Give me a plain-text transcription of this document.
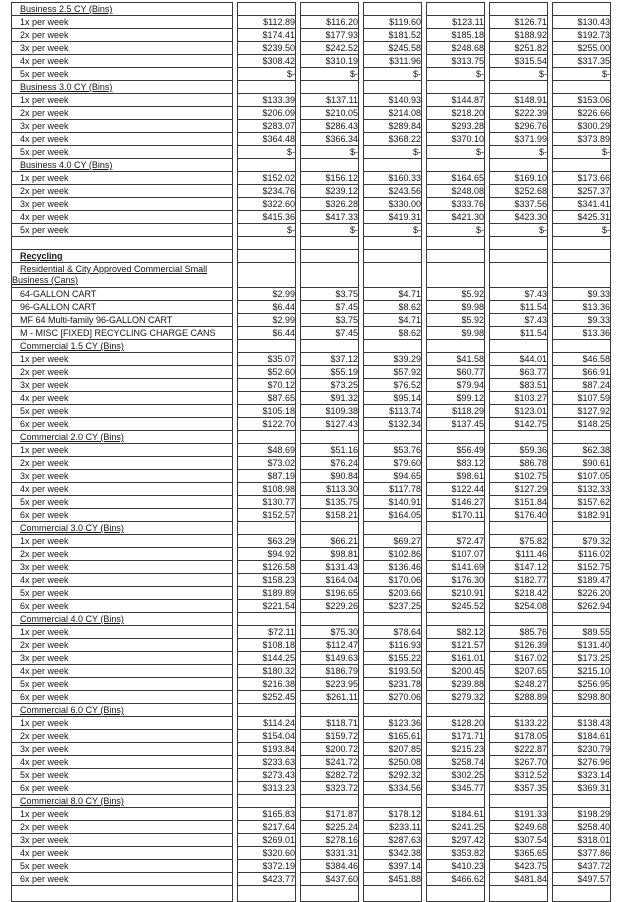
Business 2.5 CY (Bins)						
1x per week	$112.89	$116.20	$119.60	$123.11	$126.71	$130.43
2x per week	$174.41	$177.93	$181.52	$185.18	$188.92	$192.73
3x per week	$239.50	$242.52	$245.58	$248.68	$251.82	$255.00
4x per week	$308.42	$310.19	$311.96	$313.75	$315.54	$317.35
5x per week	$-	$-	$-	$-	$-	$-
Business 3.0 CY (Bins)						
1x per week	$133.39	$137.11	$140.93	$144.87	$148.91	$153.06
2x per week	$206.09	$210.05	$214.08	$218.20	$222.39	$226.66
3x per week	$283.07	$286.43	$289.84	$293.28	$296.76	$300.29
4x per week	$364.48	$366.34	$368.22	$370.10	$371.99	$373.89
5x per week	$-	$-	$-	$-	$-	$-
Business 4.0 CY (Bins)						
1x per week	$152.02	$156.12	$160.33	$164.65	$169.10	$173.66
2x per week	$234.76	$239.12	$243.56	$248.08	$252.68	$257.37
3x per week	$322.60	$326.28	$330.00	$333.76	$337.56	$341.41
4x per week	$415.36	$417.33	$419.31	$421.30	$423.30	$425.31
5x per week	$-	$-	$-	$-	$-	$-

Recycling						
Residential & City Approved Commercial Small Business (Cans)						
64-GALLON CART	$2.99	$3.75	$4.71	$5.92	$7.43	$9.33
96-GALLON CART	$6.44	$7.45	$8.62	$9.98	$11.54	$13.36
MF 64 Multi-family 96-GALLON CART	$2.99	$3.75	$4.71	$5.92	$7.43	$9.33
M - MISC [FIXED] RECYCLING CHARGE CANS	$6.44	$7.45	$8.62	$9.98	$11.54	$13.36
Commercial 1.5 CY (Bins)						
1x per week	$35.07	$37.12	$39.29	$41.58	$44.01	$46.58
2x per week	$52.60	$55.19	$57.92	$60.77	$63.77	$66.91
3x per week	$70.12	$73.25	$76.52	$79.94	$83.51	$87.24
4x per week	$87.65	$91.32	$95.14	$99.12	$103.27	$107.59
5x per week	$105.18	$109.38	$113.74	$118.29	$123.01	$127.92
6x per week	$122.70	$127.43	$132.34	$137.45	$142.75	$148.25
Commercial 2.0 CY (Bins)						
1x per week	$48.69	$51.16	$53.76	$56.49	$59.36	$62.38
2x per week	$73.02	$76.24	$79.60	$83.12	$86.78	$90.61
3x per week	$87.19	$90.84	$94.65	$98.61	$102.75	$107.05
4x per week	$108.98	$113.30	$117.78	$122.44	$127.29	$132.33
5x per week	$130.77	$135.75	$140.91	$146.27	$151.84	$157.62
6x per week	$152.57	$158.21	$164.05	$170.11	$176.40	$182.91
Commercial 3.0 CY (Bins)						
1x per week	$63.29	$66.21	$69.27	$72.47	$75.82	$79.32
2x per week	$94.92	$98.81	$102.86	$107.07	$111.46	$116.02
3x per week	$126.58	$131.43	$136.46	$141.69	$147.12	$152.75
4x per week	$158.23	$164.04	$170.06	$176.30	$182.77	$189.47
5x per week	$189.89	$196.65	$203.66	$210.91	$218.42	$226.20
6x per week	$221.54	$229.26	$237.25	$245.52	$254.08	$262.94
Commercial 4.0 CY (Bins)						
1x per week	$72.11	$75.30	$78.64	$82.12	$85.76	$89.55
2x per week	$108.18	$112.47	$116.93	$121.57	$126.39	$131.40
3x per week	$144.25	$149.63	$155.22	$161.01	$167.02	$173.25
4x per week	$180.32	$186.79	$193.50	$200.45	$207.65	$215.10
5x per week	$216.38	$223.95	$231.78	$239.88	$248.27	$256.95
6x per week	$252.45	$261.11	$270.06	$279.32	$288.89	$298.80
Commercial 6.0 CY (Bins)						
1x per week	$114.24	$118.71	$123.36	$128.20	$133.22	$138.43
2x per week	$154.04	$159.72	$165.61	$171.71	$178.05	$184.61
3x per week	$193.84	$200.72	$207.85	$215.23	$222.87	$230.79
4x per week	$233.63	$241.72	$250.08	$258.74	$267.70	$276.96
5x per week	$273.43	$282.72	$292.32	$302.25	$312.52	$323.14
6x per week	$313.23	$323.72	$334.56	$345.77	$357.35	$369.31
Commercial 8.0 CY (Bins)						
1x per week	$165.83	$171.87	$178.12	$184.61	$191.33	$198.29
2x per week	$217.64	$225.24	$233.11	$241.25	$249.68	$258.40
3x per week	$269.01	$278.16	$287.63	$297.42	$307.54	$318.01
4x per week	$320.60	$331.31	$342.38	$353.82	$365.65	$377.86
5x per week	$372.19	$384.46	$397.14	$410.23	$423.75	$437.72
6x per week	$423.77	$437.60	$451.88	$466.62	$481.84	$497.57
